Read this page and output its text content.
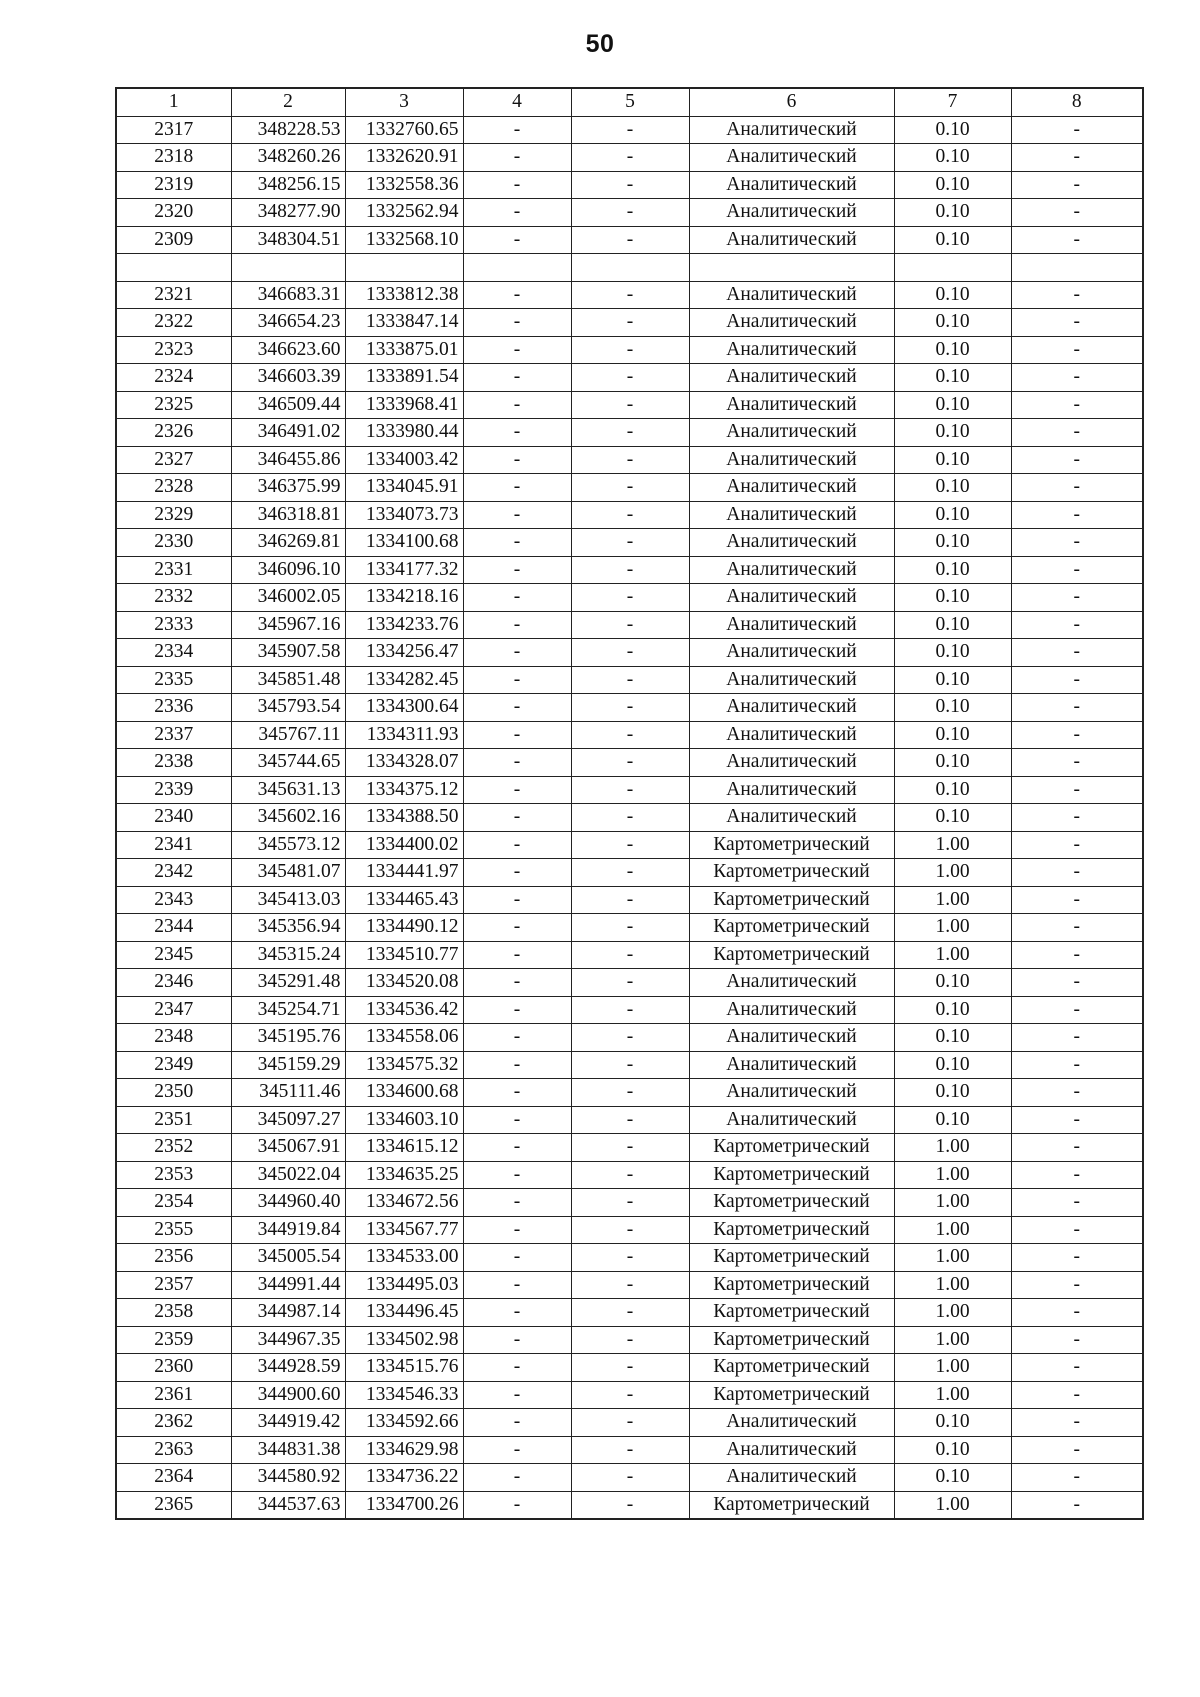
50
1	2	3	4	5	6	7	8
2317	348228.53	1332760.65	-	-	Аналитический	0.10	-
2318	348260.26	1332620.91	-	-	Аналитический	0.10	-
2319	348256.15	1332558.36	-	-	Аналитический	0.10	-
2320	348277.90	1332562.94	-	-	Аналитический	0.10	-
2309	348304.51	1332568.10	-	-	Аналитический	0.10	-

2321	346683.31	1333812.38	-	-	Аналитический	0.10	-
2322	346654.23	1333847.14	-	-	Аналитический	0.10	-
2323	346623.60	1333875.01	-	-	Аналитический	0.10	-
2324	346603.39	1333891.54	-	-	Аналитический	0.10	-
2325	346509.44	1333968.41	-	-	Аналитический	0.10	-
2326	346491.02	1333980.44	-	-	Аналитический	0.10	-
2327	346455.86	1334003.42	-	-	Аналитический	0.10	-
2328	346375.99	1334045.91	-	-	Аналитический	0.10	-
2329	346318.81	1334073.73	-	-	Аналитический	0.10	-
2330	346269.81	1334100.68	-	-	Аналитический	0.10	-
2331	346096.10	1334177.32	-	-	Аналитический	0.10	-
2332	346002.05	1334218.16	-	-	Аналитический	0.10	-
2333	345967.16	1334233.76	-	-	Аналитический	0.10	-
2334	345907.58	1334256.47	-	-	Аналитический	0.10	-
2335	345851.48	1334282.45	-	-	Аналитический	0.10	-
2336	345793.54	1334300.64	-	-	Аналитический	0.10	-
2337	345767.11	1334311.93	-	-	Аналитический	0.10	-
2338	345744.65	1334328.07	-	-	Аналитический	0.10	-
2339	345631.13	1334375.12	-	-	Аналитический	0.10	-
2340	345602.16	1334388.50	-	-	Аналитический	0.10	-
2341	345573.12	1334400.02	-	-	Картометрический	1.00	-
2342	345481.07	1334441.97	-	-	Картометрический	1.00	-
2343	345413.03	1334465.43	-	-	Картометрический	1.00	-
2344	345356.94	1334490.12	-	-	Картометрический	1.00	-
2345	345315.24	1334510.77	-	-	Картометрический	1.00	-
2346	345291.48	1334520.08	-	-	Аналитический	0.10	-
2347	345254.71	1334536.42	-	-	Аналитический	0.10	-
2348	345195.76	1334558.06	-	-	Аналитический	0.10	-
2349	345159.29	1334575.32	-	-	Аналитический	0.10	-
2350	345111.46	1334600.68	-	-	Аналитический	0.10	-
2351	345097.27	1334603.10	-	-	Аналитический	0.10	-
2352	345067.91	1334615.12	-	-	Картометрический	1.00	-
2353	345022.04	1334635.25	-	-	Картометрический	1.00	-
2354	344960.40	1334672.56	-	-	Картометрический	1.00	-
2355	344919.84	1334567.77	-	-	Картометрический	1.00	-
2356	345005.54	1334533.00	-	-	Картометрический	1.00	-
2357	344991.44	1334495.03	-	-	Картометрический	1.00	-
2358	344987.14	1334496.45	-	-	Картометрический	1.00	-
2359	344967.35	1334502.98	-	-	Картометрический	1.00	-
2360	344928.59	1334515.76	-	-	Картометрический	1.00	-
2361	344900.60	1334546.33	-	-	Картометрический	1.00	-
2362	344919.42	1334592.66	-	-	Аналитический	0.10	-
2363	344831.38	1334629.98	-	-	Аналитический	0.10	-
2364	344580.92	1334736.22	-	-	Аналитический	0.10	-
2365	344537.63	1334700.26	-	-	Картометрический	1.00	-
